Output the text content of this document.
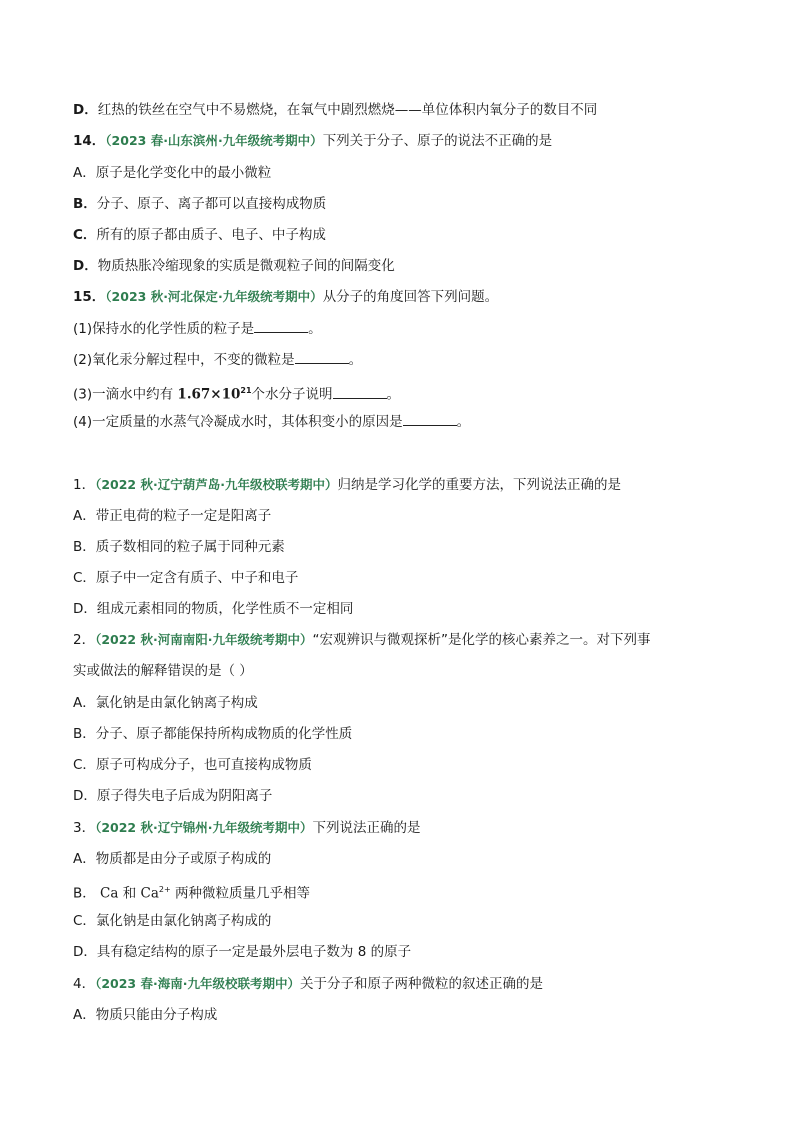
D．红热的铁丝在空气中不易燃烧，在氧气中剧烈燃烧——单位体积内氧分子的数目不同
14．（2023 春·山东滨州·九年级统考期中）下列关于分子、原子的说法不正确的是
A．原子是化学变化中的最小微粒
B．分子、原子、离子都可以直接构成物质
C．所有的原子都由质子、电子、中子构成
D．物质热胀冷缩现象的实质是微观粒子间的间隔变化
15．（2023 秋·河北保定·九年级统考期中）从分子的角度回答下列问题。
(1)保持水的化学性质的粒子是	。
(2)氧化汞分解过程中，不变的微粒是	。
(3)一滴水中约有 $1.67\times 10^{21}$个水分子说明	。
(4)一定质量的水蒸气冷凝成水时，其体积变小的原因是	。
1．（2022 秋·辽宁葫芦岛·九年级校联考期中）归纳是学习化学的重要方法，下列说法正确的是
A．带正电荷的粒子一定是阳离子
B．质子数相同的粒子属于同种元素
C．原子中一定含有质子、中子和电子
D．组成元素相同的物质，化学性质不一定相同
2．（2022 秋·河南南阳·九年级统考期中）“宏观辨识与微观探析”是化学的核心素养之一。对下列事
实或做法的解释错误的是（ ）
A．氯化钠是由氯化钠离子构成
B．分子、原子都能保持所构成物质的化学性质
C．原子可构成分子，也可直接构成物质
D．原子得失电子后成为阴阳离子
3．（2022 秋·辽宁锦州·九年级统考期中）下列说法正确的是
A．物质都是由分子或原子构成的
B． Ca 和 $Ca^{2+}$ 两种微粒质量几乎相等
C．氯化钠是由氯化钠离子构成的
D．具有稳定结构的原子一定是最外层电子数为 8 的原子
4．（2023 春·海南·九年级校联考期中）关于分子和原子两种微粒的叙述正确的是
A．物质只能由分子构成
